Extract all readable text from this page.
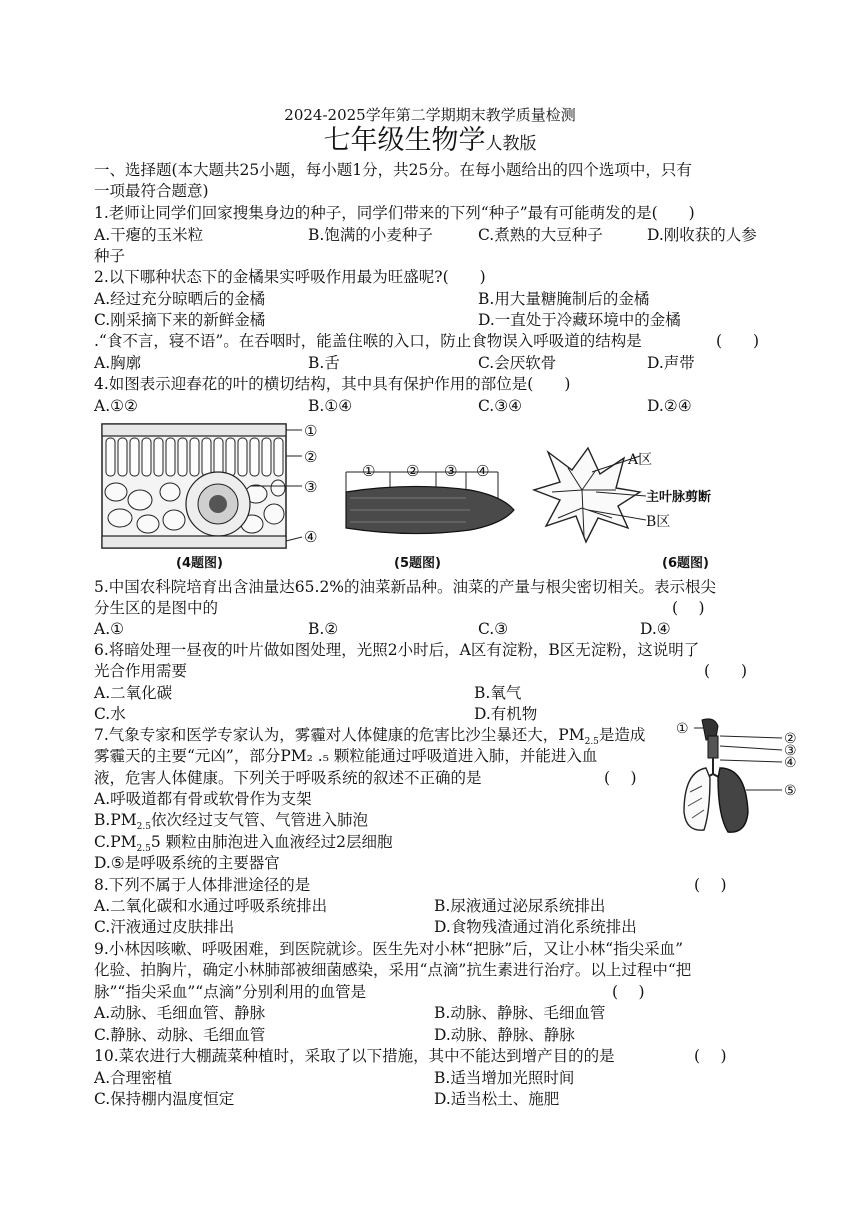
2024-2025学年第二学期期末教学质量检测
七年级生物学人教版
一、选择题(本大题共25小题，每小题1分，共25分。在每小题给出的四个选项中，只有
一项最符合题意)
1.老师让同学们回家搜集身边的种子，同学们带来的下列“种子”最有可能萌发的是(　　)
A.干瘪的玉米粒	B.饱满的小麦种子	C.煮熟的大豆种子	D.刚收获的人参
种子
2.以下哪种状态下的金橘果实呼吸作用最为旺盛呢?(　　)
A.经过充分晾晒后的金橘	B.用大量糖腌制后的金橘
C.刚采摘下来的新鲜金橘	D.一直处于冷藏环境中的金橘
.“食不言，寝不语”。在吞咽时，能盖住喉的入口，防止食物误入呼吸道的结构是	(　　)
A.胸廓	B.舌	C.会厌软骨	D.声带
4.如图表示迎春花的叶的横切结构，其中具有保护作用的部位是(　　)
A.①②	B.①④	C.③④	D.②④
①
②
③
④
(4题图)
① ② ③ ④
(5题图)
A区
主叶脉剪断
B区
(6题图)
5.中国农科院培育出含油量达65.2%的油菜新品种。油菜的产量与根尖密切相关。表示根尖
分生区的是图中的	(　 )
A.①	B.②	C.③	D.④
6.将暗处理一昼夜的叶片做如图处理，光照2小时后，A区有淀粉，B区无淀粉，这说明了
光合作用需要	(　　)
A.二氧化碳	B.氧气
C.水	D.有机物
7.气象专家和医学专家认为，雾霾对人体健康的危害比沙尘暴还大，$PM_{2.5}$是造成
雾霾天的主要“元凶”，部分PM₂ .₅ 颗粒能通过呼吸道进入肺，并能进入血
液，危害人体健康。下列关于呼吸系统的叙述不正确的是	(　 )
A.呼吸道都有骨或软骨作为支架
$B.PM_{2.5}$依次经过支气管、气管进入肺泡
$C.PM_{2.5}5$ 颗粒由肺泡进入血液经过2层细胞
D.⑤是呼吸系统的主要器官
①
②
③
④
⑤
8.下列不属于人体排泄途径的是	(　 )
A.二氧化碳和水通过呼吸系统排出	B.尿液通过泌尿系统排出
C.汗液通过皮肤排出	D.食物残渣通过消化系统排出
9.小林因咳嗽、呼吸困难，到医院就诊。医生先对小林“把脉”后，又让小林“指尖采血”
化验、拍胸片，确定小林肺部被细菌感染，采用“点滴”抗生素进行治疗。以上过程中“把
脉”“指尖采血”“点滴”分别利用的血管是	(　 )
A.动脉、毛细血管、静脉	B.动脉、静脉、毛细血管
C.静脉、动脉、毛细血管	D.动脉、静脉、静脉
10.菜农进行大棚蔬菜种植时，采取了以下措施，其中不能达到增产目的的是	(　 )
A.合理密植	B.适当增加光照时间
C.保持棚内温度恒定	D.适当松土、施肥
